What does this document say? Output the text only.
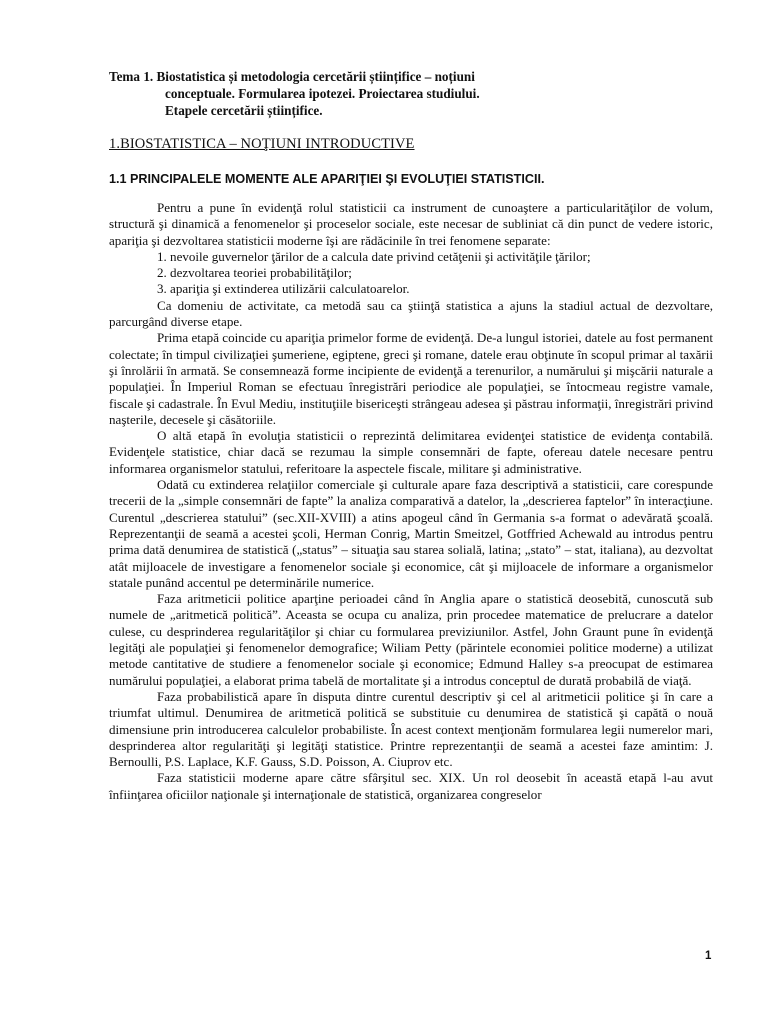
Tema 1. Biostatistica și metodologia cercetării științifice – noțiuni
conceptuale. Formularea ipotezei. Proiectarea studiului.
Etapele cercetării științifice.
1.BIOSTATISTICA – NOŢIUNI INTRODUCTIVE
1.1 PRINCIPALELE MOMENTE ALE APARIŢIEI ŞI EVOLUŢIEI STATISTICII.

Pentru a pune în evidenţă rolul statisticii ca instrument de cunoaştere a particularităţilor de volum, structură şi dinamică a fenomenelor şi proceselor sociale, este necesar de subliniat că din punct de vedere istoric, apariţia şi dezvoltarea statisticii moderne îşi are rădăcinile în trei fenomene separate:

1. nevoile guvernelor ţărilor de a calcula date privind cetăţenii şi activităţile ţărilor;

2. dezvoltarea teoriei probabilităţilor;

3. apariţia şi extinderea utilizării calculatoarelor.

Ca domeniu de activitate, ca metodă sau ca ştiinţă statistica a ajuns la stadiul actual de dezvoltare, parcurgând diverse etape.

Prima etapă coincide cu apariţia primelor forme de evidenţă. De-a lungul istoriei, datele au fost permanent colectate; în timpul civilizaţiei şumeriene, egiptene, greci şi romane, datele erau obţinute în scopul primar al taxării şi înrolării în armată. Se consemnează forme incipiente de evidenţă a terenurilor, a numărului şi mişcării naturale a populaţiei. În Imperiul Roman se efectuau înregistrări periodice ale populaţiei, se întocmeau registre vamale, fiscale şi cadastrale. În Evul Mediu, instituţiile bisericeşti strângeau adesea şi păstrau informaţii, înregistrări privind naşterile, decesele şi căsătoriile.

O altă etapă în evoluţia statisticii o reprezintă delimitarea evidenţei statistice de evidenţa contabilă. Evidenţele statistice, chiar dacă se rezumau la simple consemnări de fapte, ofereau datele necesare pentru informarea organismelor statului, referitoare la aspectele fiscale, militare şi administrative.

Odată cu extinderea relaţiilor comerciale şi culturale apare faza descriptivă a statisticii, care corespunde trecerii de la „simple consemnări de fapte” la analiza comparativă a datelor, la „descrierea faptelor” în interacţiune. Curentul „descrierea statului” (sec.XII-XVIII) a atins apogeul când în Germania s-a format o adevărată şcoală. Reprezentanţii de seamă a acestei şcoli, Herman Conrig, Martin Smeitzel, Gotffried Achewald au introdus pentru prima dată denumirea de statistică („status” – situaţia sau starea solială, latina; „stato” – stat, italiana), au dezvoltat atât mijloacele de investigare a fenomenelor sociale şi economice, cât şi mijloacele de informare a organismelor statale punând accentul pe determinările numerice.

Faza aritmeticii politice aparţine perioadei când în Anglia apare o statistică deosebită, cunoscută sub numele de „aritmetică politică”. Aceasta se ocupa cu analiza, prin procedee matematice de prelucrare a datelor culese, cu desprinderea regularităţilor şi chiar cu formularea previziunilor. Astfel, John Graunt pune în evidenţă legităţi ale populaţiei şi fenomenelor demografice; Wiliam Petty (părintele economiei politice moderne) a utilizat metode cantitative de studiere a fenomenelor sociale şi economice; Edmund Halley s-a preocupat de estimarea numărului populaţiei, a elaborat prima tabelă de mortalitate şi a introdus conceptul de durată probabilă de viaţă.

Faza probabilistică apare în disputa dintre curentul descriptiv şi cel al aritmeticii politice şi în care a triumfat ultimul. Denumirea de aritmetică politică se substituie cu denumirea de statistică şi capătă o nouă dimensiune prin introducerea calculelor probabiliste. În acest context menţionăm formularea legii numerelor mari, desprinderea altor regularităţi şi legităţi statistice. Printre reprezentanţii de seamă a acestei faze amintim: J. Bernoulli, P.S. Laplace, K.F. Gauss, S.D. Poisson, A. Ciuprov etc.

Faza statisticii moderne apare către sfârşitul sec. XIX. Un rol deosebit în această etapă l-au avut înfiinţarea oficiilor naţionale şi internaţionale de statistică, organizarea congreselor

1
